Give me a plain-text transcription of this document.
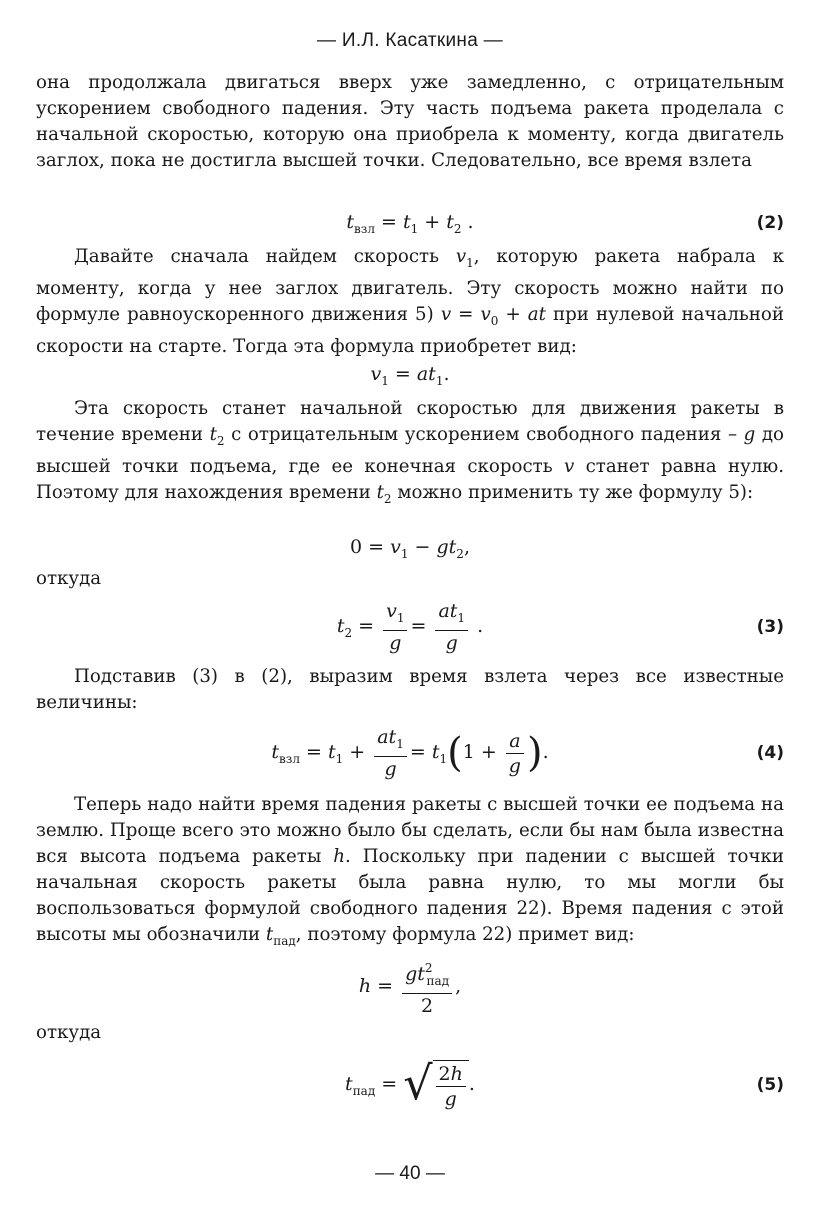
— И.Л. Касаткина —

она продолжала двигаться вверх уже замедленно, с отрицательным ускорением свободного падения. Эту часть подъема ракета проделала с начальной скоростью, которую она приобрела к моменту, когда двигатель заглох, пока не достигла высшей точки. Следовательно, все время взлета

$t_{взл} = t_1 + t_2$ .	(2)

Давайте сначала найдем скорость $v_1$, которую ракета набрала к моменту, когда у нее заглох двигатель. Эту скорость можно найти по формуле равноускоренного движения 5) $v = v_0$ + at при нулевой начальной скорости на старте. Тогда эта формула приобретет вид:

$v_1 = at_1$.

Эта скорость станет начальной скоростью для движения ракеты в течение времени $t_2$ с отрицательным ускорением свободного падения – g до высшей точки подъема, где ее конечная скорость v станет равна нулю. Поэтому для нахождения времени $t_2$ можно применить ту же формулу 5):

$0 = v_1 - gt_2$,

откуда

$t_2 = \frac{v_1}{g} = \frac{at_1}{g}$ .	(3)

Подставив (3) в (2), выразим время взлета через все известные величины:

$t_{взл} = t_1 + \frac{at_1}{g} = t_1(1 + \frac{a}{g}$ ).	(4)

Теперь надо найти время падения ракеты с высшей точки ее подъема на землю. Проще всего это можно было бы сделать, если бы нам была известна вся высота подъема ракеты h. Поскольку при падении с высшей точки начальная скорость ракеты была равна нулю, то мы могли бы воспользоваться формулой свободного падения 22). Время падения с этой высоты мы обозначили $t_{пад}$, поэтому формула 22) примет вид:

$h = \frac{gt^2_{пад}}{2}$ ,

откуда

$t_{пад}$ = √ $\frac{2h}{g}$ .	(5)
— 40 —
